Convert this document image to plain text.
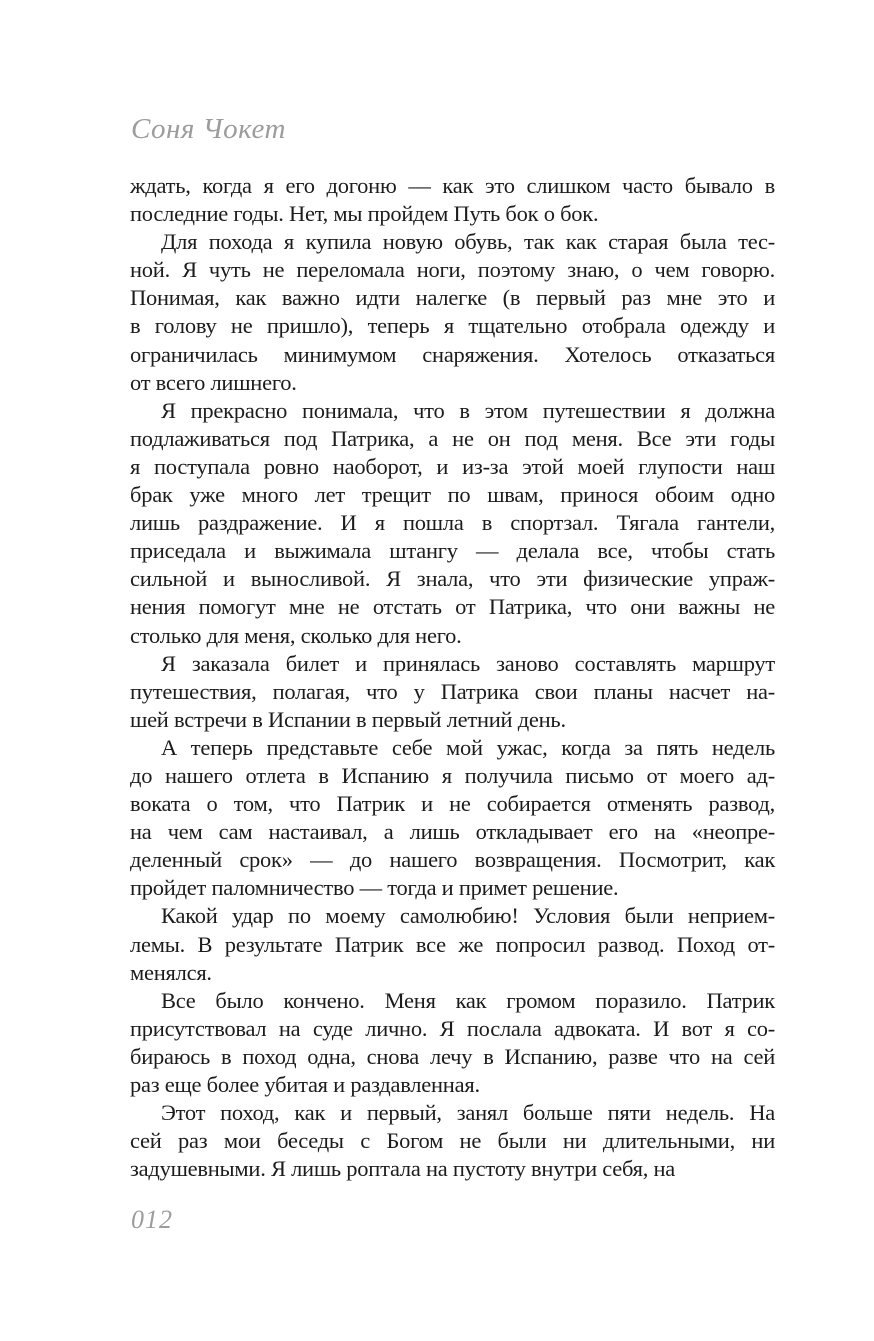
Соня Чокет
ждать, когда я его догоню — как это слишком часто бывало в
последние годы. Нет, мы пройдем Путь бок о бок.
Для похода я купила новую обувь, так как старая была тес-
ной. Я чуть не переломала ноги, поэтому знаю, о чем говорю.
Понимая, как важно идти налегке (в первый раз мне это и
в голову не пришло), теперь я тщательно отобрала одежду и
ограничилась минимумом снаряжения. Хотелось отказаться
от всего лишнего.
Я прекрасно понимала, что в этом путешествии я должна
подлаживаться под Патрика, а не он под меня. Все эти годы
я поступала ровно наоборот, и из-за этой моей глупости наш
брак уже много лет трещит по швам, принося обоим одно
лишь раздражение. И я пошла в спортзал. Тягала гантели,
приседала и выжимала штангу — делала все, чтобы стать
сильной и выносливой. Я знала, что эти физические упраж-
нения помогут мне не отстать от Патрика, что они важны не
столько для меня, сколько для него.
Я заказала билет и принялась заново составлять маршрут
путешествия, полагая, что у Патрика свои планы насчет на-
шей встречи в Испании в первый летний день.
А теперь представьте себе мой ужас, когда за пять недель
до нашего отлета в Испанию я получила письмо от моего ад-
воката о том, что Патрик и не собирается отменять развод,
на чем сам настаивал, а лишь откладывает его на «неопре-
деленный срок» — до нашего возвращения. Посмотрит, как
пройдет паломничество — тогда и примет решение.
Какой удар по моему самолюбию! Условия были неприем-
лемы. В результате Патрик все же попросил развод. Поход от-
менялся.
Все было кончено. Меня как громом поразило. Патрик
присутствовал на суде лично. Я послала адвоката. И вот я со-
бираюсь в поход одна, снова лечу в Испанию, разве что на сей
раз еще более убитая и раздавленная.
Этот поход, как и первый, занял больше пяти недель. На
сей раз мои беседы с Богом не были ни длительными, ни
задушевными. Я лишь роптала на пустоту внутри себя, на
012
